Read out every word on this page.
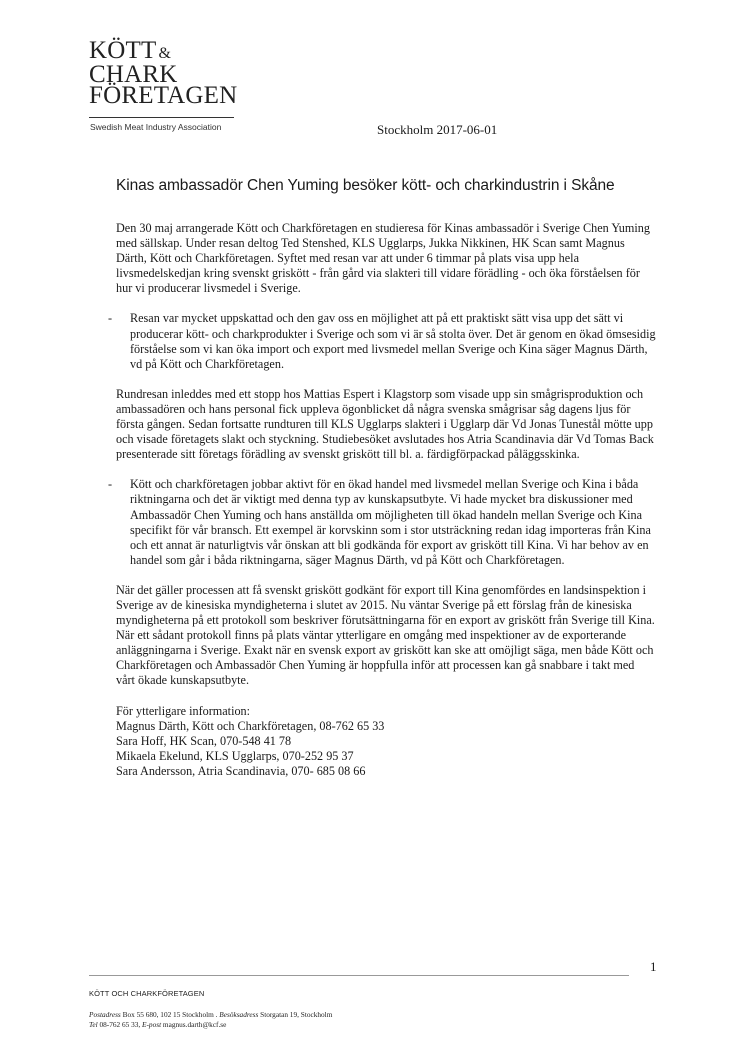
KÖTT &
CHARK
FÖRETAGEN
Swedish Meat Industry Association	Stockholm 2017-06-01
Kinas ambassadör Chen Yuming besöker kött- och charkindustrin i Skåne

Den 30 maj arrangerade Kött och Charkföretagen en studieresa för Kinas ambassadör i Sverige Chen Yuming med sällskap. Under resan deltog Ted Stenshed, KLS Ugglarps, Jukka Nikkinen, HK Scan samt Magnus Därth, Kött och Charkföretagen. Syftet med resan var att under 6 timmar på plats visa upp hela livsmedelskedjan kring svenskt griskött - från gård via slakteri till vidare förädling - och öka förståelsen för hur vi producerar livsmedel i Sverige.

- Resan var mycket uppskattad och den gav oss en möjlighet att på ett praktiskt sätt visa upp det sätt vi producerar kött- och charkprodukter i Sverige och som vi är så stolta över. Det är genom en ökad ömsesidig förståelse som vi kan öka import och export med livsmedel mellan Sverige och Kina säger Magnus Därth, vd på Kött och Charkföretagen.

Rundresan inleddes med ett stopp hos Mattias Espert i Klagstorp som visade upp sin smågrisproduktion och ambassadören och hans personal fick uppleva ögonblicket då några svenska smågrisar såg dagens ljus för första gången. Sedan fortsatte rundturen till KLS Ugglarps slakteri i Ugglarp där Vd Jonas Tunestål mötte upp och visade företagets slakt och styckning. Studiebesöket avslutades hos Atria Scandinavia där Vd Tomas Back presenterade sitt företags förädling av svenskt griskött till bl. a. färdigförpackad påläggsskinka.

- Kött och charkföretagen jobbar aktivt för en ökad handel med livsmedel mellan Sverige och Kina i båda riktningarna och det är viktigt med denna typ av kunskapsutbyte. Vi hade mycket bra diskussioner med Ambassadör Chen Yuming och hans anställda om möjligheten till ökad handeln mellan Sverige och Kina specifikt för vår bransch. Ett exempel är korvskinn som i stor utsträckning redan idag importeras från Kina och ett annat är naturligtvis vår önskan att bli godkända för export av griskött till Kina. Vi har behov av en handel som går i båda riktningarna, säger Magnus Därth, vd på Kött och Charkföretagen.

När det gäller processen att få svenskt griskött godkänt för export till Kina genomfördes en landsinspektion i Sverige av de kinesiska myndigheterna i slutet av 2015. Nu väntar Sverige på ett förslag från de kinesiska myndigheterna på ett protokoll som beskriver förutsättningarna för en export av griskött från Sverige till Kina. När ett sådant protokoll finns på plats väntar ytterligare en omgång med inspektioner av de exporterande anläggningarna i Sverige. Exakt när en svensk export av griskött kan ske att omöjligt säga, men både Kött och Charkföretagen och Ambassadör Chen Yuming är hoppfulla inför att processen kan gå snabbare i takt med vårt ökade kunskapsutbyte.

För ytterligare information:
Magnus Därth, Kött och Charkföretagen, 08-762 65 33
Sara Hoff, HK Scan, 070-548 41 78
Mikaela Ekelund, KLS Ugglarps, 070-252 95 37
Sara Andersson, Atria Scandinavia, 070- 685 08 66
1
KÖTT OCH CHARKFÖRETAGEN
Postadress Box 55 680, 102 15 Stockholm . Besöksadress Storgatan 19, Stockholm
Tel 08-762 65 33, E-post magnus.darth@kcf.se
